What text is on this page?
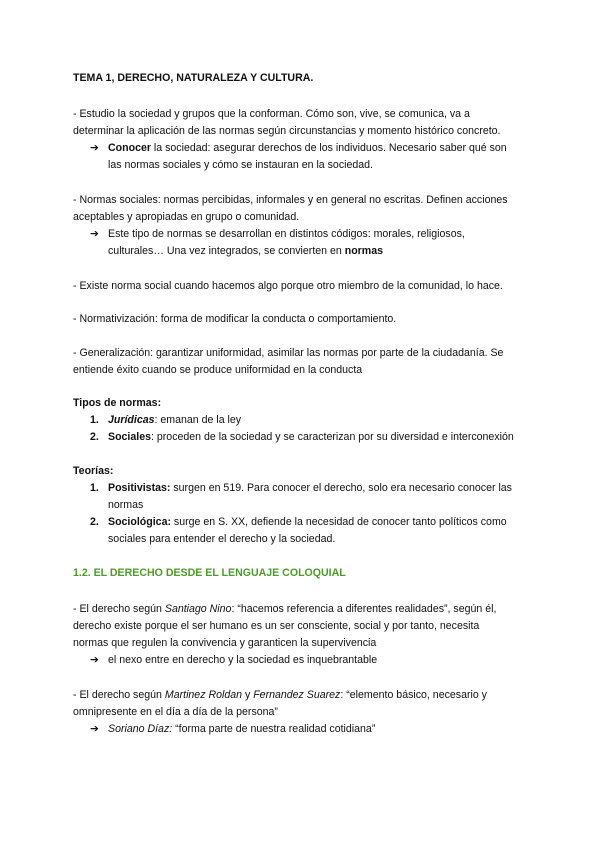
TEMA 1, DERECHO, NATURALEZA Y CULTURA.
- Estudio la sociedad y grupos que la conforman. Cómo son, vive, se comunica, va a
determinar la aplicación de las normas según circunstancias y momento histórico concreto.
➔ Conocer la sociedad: asegurar derechos de los individuos. Necesario saber qué son
las normas sociales y cómo se instauran en la sociedad.
- Normas sociales: normas percibidas, informales y en general no escritas. Definen acciones
aceptables y apropiadas en grupo o comunidad.
➔ Este tipo de normas se desarrollan en distintos códigos: morales, religiosos,
culturales… Una vez integrados, se convierten en normas
- Existe norma social cuando hacemos algo porque otro miembro de la comunidad, lo hace.
- Normativización: forma de modificar la conducta o comportamiento.
- Generalización: garantizar uniformidad, asimilar las normas por parte de la ciudadanía. Se
entiende éxito cuando se produce uniformidad en la conducta
Tipos de normas:
1. Jurídicas: emanan de la ley
2. Sociales: proceden de la sociedad y se caracterizan por su diversidad e interconexión
Teorías:
1. Positivistas: surgen en 519. Para conocer el derecho, solo era necesario conocer las
normas
2. Sociológica: surge en S. XX, defiende la necesidad de conocer tanto políticos como
sociales para entender el derecho y la sociedad.
1.2. EL DERECHO DESDE EL LENGUAJE COLOQUIAL
- El derecho según Santiago Nino: “hacemos referencia a diferentes realidades”, según él,
derecho existe porque el ser humano es un ser consciente, social y por tanto, necesita
normas que regulen la convivencia y garanticen la supervivencia
➔ el nexo entre en derecho y la sociedad es inquebrantable
- El derecho según Martinez Roldan y Fernandez Suarez: “elemento básico, necesario y
omnipresente en el día a día de la persona”
➔ Soriano Díaz: “forma parte de nuestra realidad cotidiana”
